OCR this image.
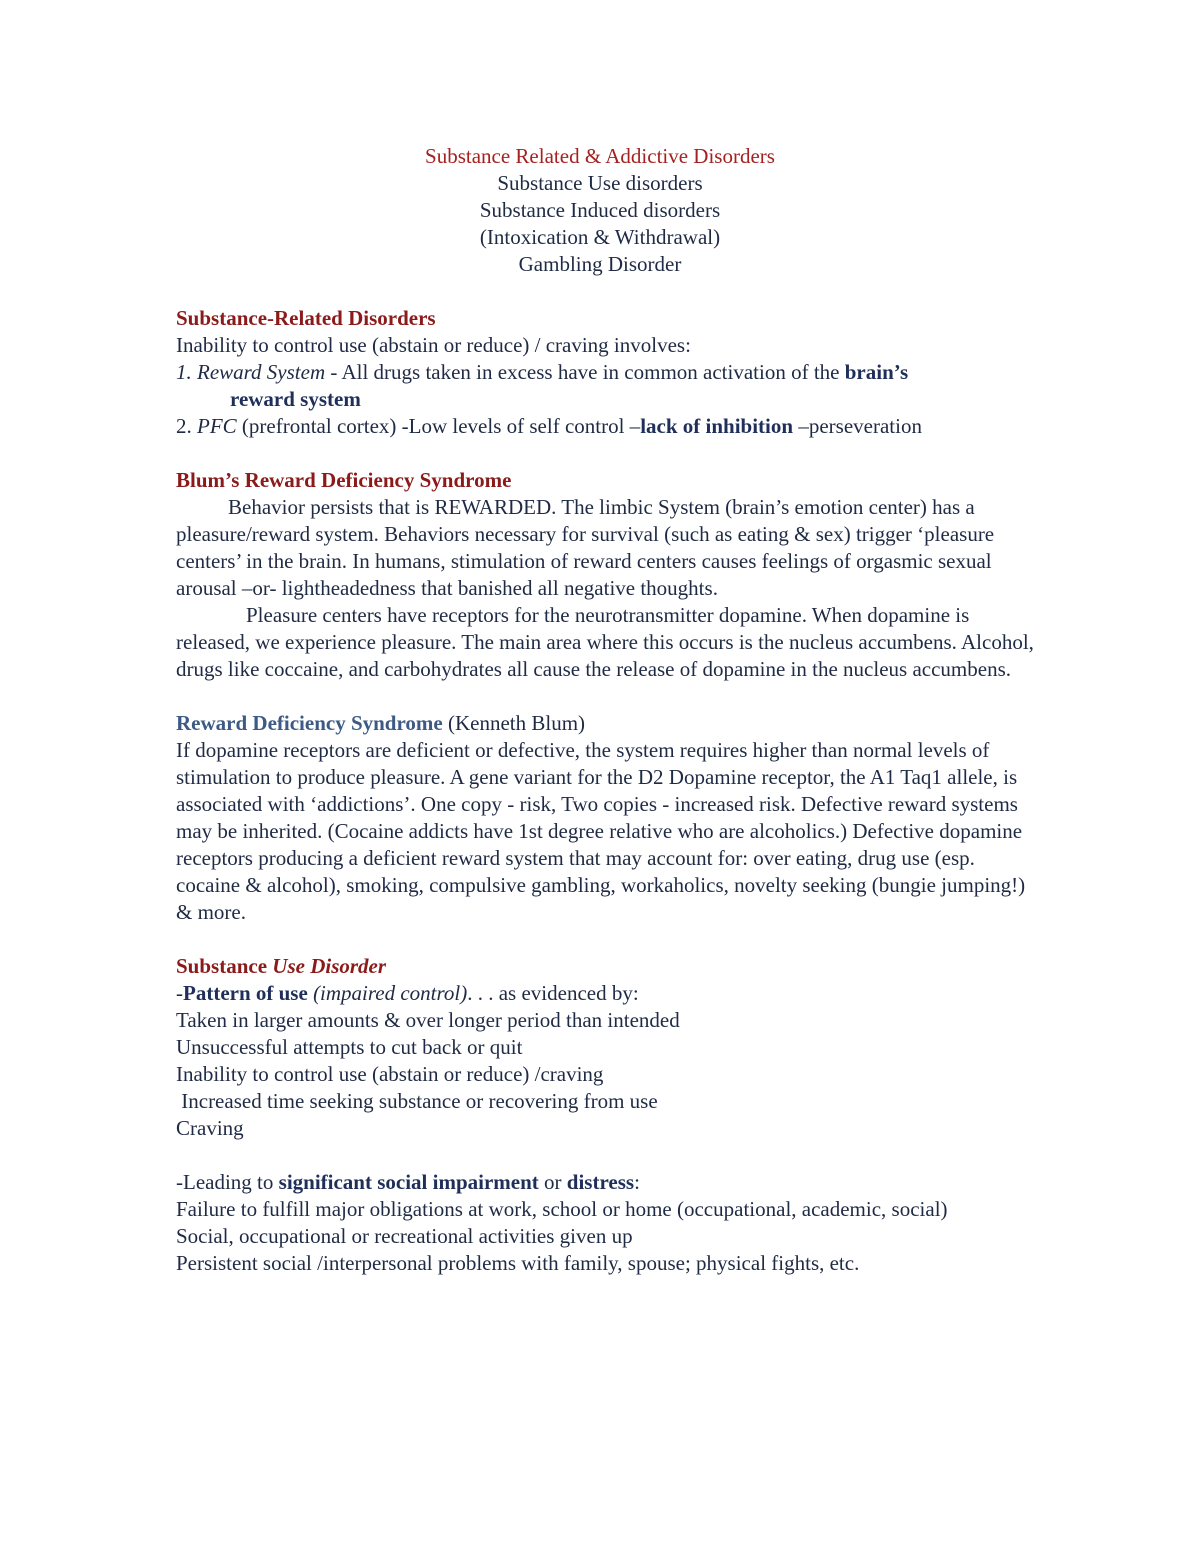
Substance Related & Addictive Disorders
Substance Use disorders
Substance Induced disorders
(Intoxication & Withdrawal)
Gambling Disorder

Substance-Related Disorders

Inability to control use (abstain or reduce) / craving involves:

1. Reward System - All drugs taken in excess have in common activation of the brain’s

reward system

2. PFC (prefrontal cortex) -Low levels of self control –lack of inhibition –perseveration

Blum’s Reward Deficiency Syndrome

Behavior persists that is REWARDED. The limbic System (brain’s emotion center) has a pleasure/reward system. Behaviors necessary for survival (such as eating & sex) trigger ‘pleasure centers’ in the brain. In humans, stimulation of reward centers causes feelings of orgasmic sexual arousal –or- lightheadedness that banished all negative thoughts.

Pleasure centers have receptors for the neurotransmitter dopamine. When dopamine is released, we experience pleasure. The main area where this occurs is the nucleus accumbens. Alcohol, drugs like coccaine, and carbohydrates all cause the release of dopamine in the nucleus accumbens.

Reward Deficiency Syndrome (Kenneth Blum)

If dopamine receptors are deficient or defective, the system requires higher than normal levels of stimulation to produce pleasure. A gene variant for the D2 Dopamine receptor, the A1 Taq1 allele, is associated with ‘addictions’. One copy - risk, Two copies - increased risk. Defective reward systems may be inherited. (Cocaine addicts have 1st degree relative who are alcoholics.) Defective dopamine receptors producing a deficient reward system that may account for: over eating, drug use (esp. cocaine & alcohol), smoking, compulsive gambling, workaholics, novelty seeking (bungie jumping!) & more.

Substance Use Disorder

-Pattern of use (impaired control). . . as evidenced by:

Taken in larger amounts & over longer period than intended

Unsuccessful attempts to cut back or quit

Inability to control use (abstain or reduce) /craving

Increased time seeking substance or recovering from use

Craving

-Leading to significant social impairment or distress:

Failure to fulfill major obligations at work, school or home (occupational, academic, social)

Social, occupational or recreational activities given up

Persistent social /interpersonal problems with family, spouse; physical fights, etc.
